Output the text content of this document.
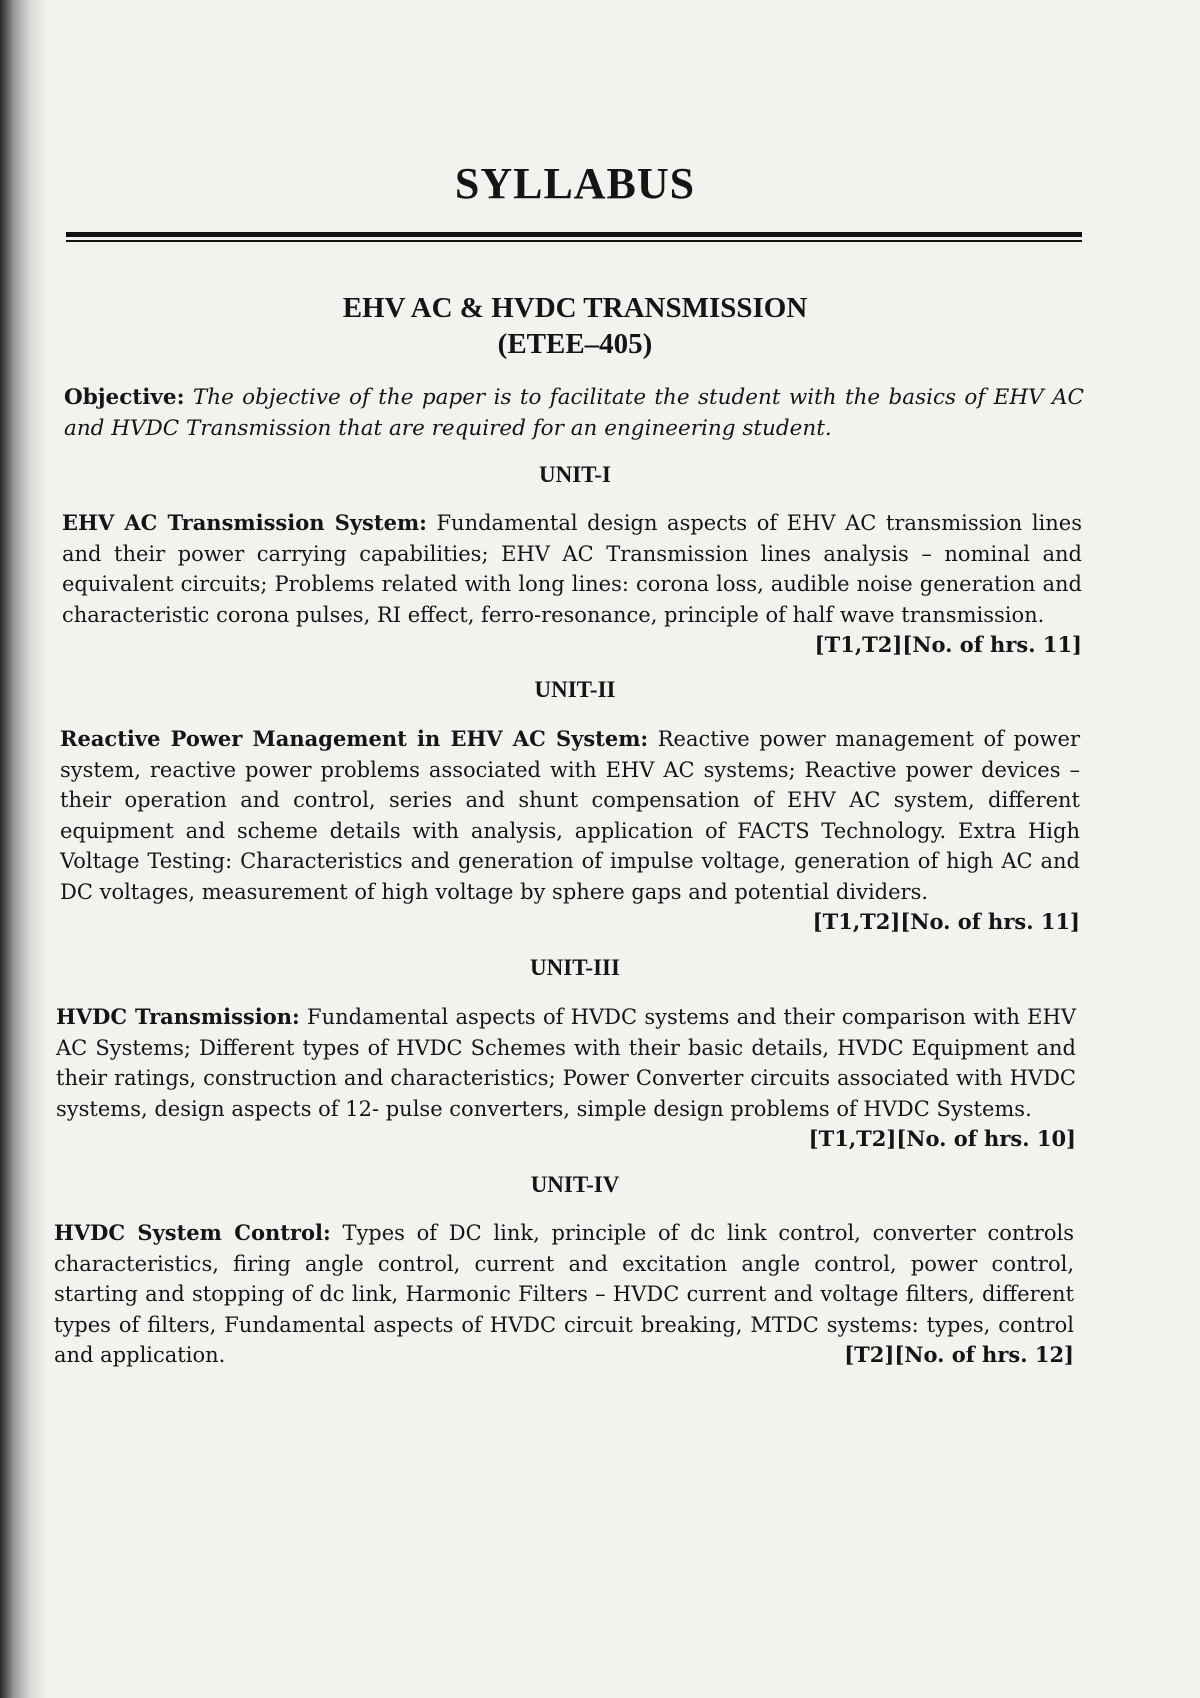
SYLLABUS
EHV AC & HVDC TRANSMISSION
(ETEE–405)
Objective: The objective of the paper is to facilitate the student with the basics of EHV AC and HVDC Transmission that are required for an engineering student.
UNIT-I
EHV AC Transmission System: Fundamental design aspects of EHV AC transmission lines and their power carrying capabilities; EHV AC Transmission lines analysis – nominal and equivalent circuits; Problems related with long lines: corona loss, audible noise generation and characteristic corona pulses, RI effect, ferro-resonance, principle of half wave transmission.
[T1,T2][No. of hrs. 11]
UNIT-II
Reactive Power Management in EHV AC System: Reactive power management of power system, reactive power problems associated with EHV AC systems; Reactive power devices – their operation and control, series and shunt compensation of EHV AC system, different equipment and scheme details with analysis, application of FACTS Technology. Extra High Voltage Testing: Characteristics and generation of impulse voltage, generation of high AC and DC voltages, measurement of high voltage by sphere gaps and potential dividers.
[T1,T2][No. of hrs. 11]
UNIT-III
HVDC Transmission: Fundamental aspects of HVDC systems and their comparison with EHV AC Systems; Different types of HVDC Schemes with their basic details, HVDC Equipment and their ratings, construction and characteristics; Power Converter circuits associated with HVDC systems, design aspects of 12- pulse converters, simple design problems of HVDC Systems.
[T1,T2][No. of hrs. 10]
UNIT-IV
HVDC System Control: Types of DC link, principle of dc link control, converter controls characteristics, firing angle control, current and excitation angle control, power control, starting and stopping of dc link, Harmonic Filters – HVDC current and voltage filters, different types of filters, Fundamental aspects of HVDC circuit breaking, MTDC systems: types, control and application.	[T2][No. of hrs. 12]
